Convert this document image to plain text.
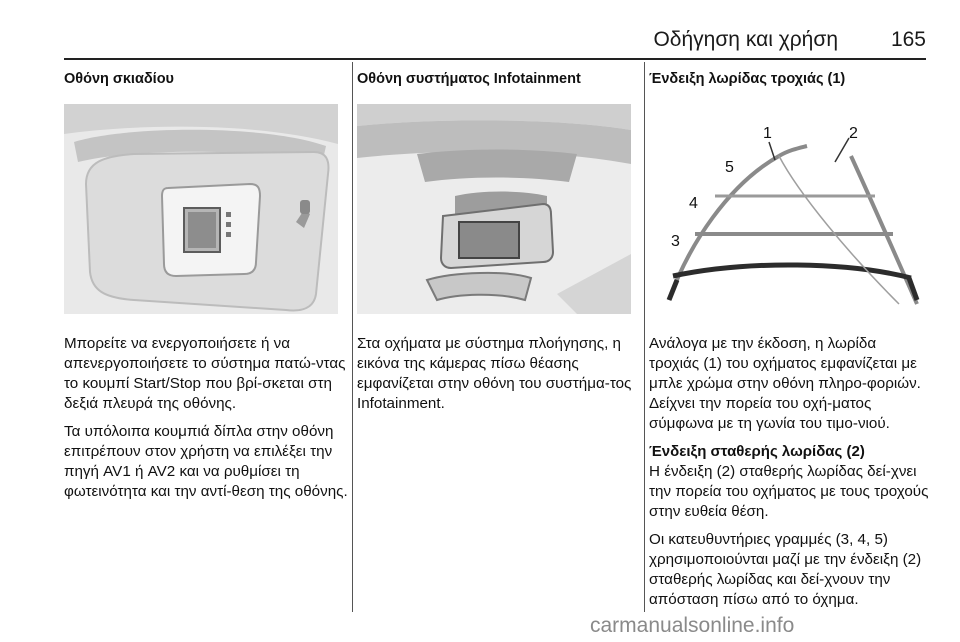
Οδήγηση και χρήση	165
Οθόνη σκιαδίου

Μπορείτε να ενεργοποιήσετε ή να απενεργοποιήσετε το σύστημα πατώ-ντας το κουμπί Start/Stop που βρί-σκεται στη δεξιά πλευρά της οθόνης.

Τα υπόλοιπα κουμπιά δίπλα στην οθόνη επιτρέπουν στον χρήστη να επιλέξει την πηγή AV1 ή AV2 και να ρυθμίσει τη φωτεινότητα και την αντί-θεση της οθόνης.

Οθόνη συστήματος Infotainment

Στα οχήματα με σύστημα πλοήγησης, η εικόνα της κάμερας πίσω θέασης εμφανίζεται στην οθόνη του συστήμα-τος Infotainment.

Ένδειξη λωρίδας τροχιάς (1)
1	2
3
4
5

Ανάλογα με την έκδοση, η λωρίδα τροχιάς (1) του οχήματος εμφανίζεται με μπλε χρώμα στην οθόνη πληρο-φοριών. Δείχνει την πορεία του οχή-ματος σύμφωνα με τη γωνία του τιμο-νιού.

Ένδειξη σταθερής λωρίδας (2)

Η ένδειξη (2) σταθερής λωρίδας δεί-χνει την πορεία του οχήματος με τους τροχούς στην ευθεία θέση.

Οι κατευθυντήριες γραμμές (3, 4, 5) χρησιμοποιούνται μαζί με την ένδειξη (2) σταθερής λωρίδας και δεί-χνουν την απόσταση πίσω από το όχημα.

carmanualsonline.info
